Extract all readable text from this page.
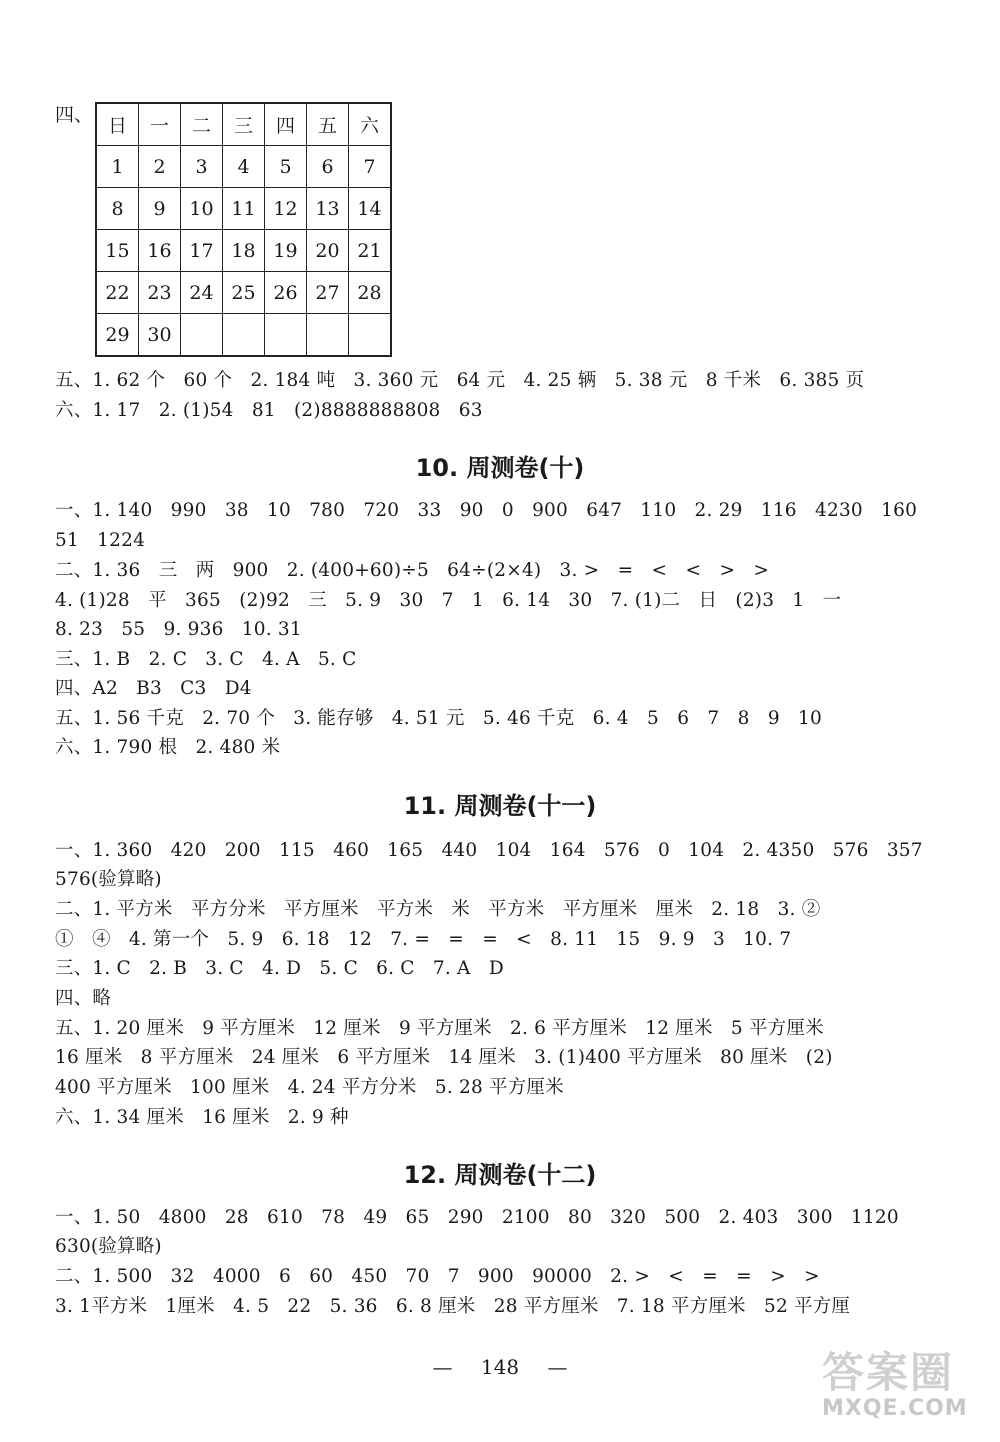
四、 日	一	二	三	四	五	六
1	2	3	4	5	6	7
8	9	10	11	12	13	14
15	16	17	18	19	20	21
22	23	24	25	26	27	28
29	30					
五、1. 62 个   60 个   2. 184 吨   3. 360 元   64 元   4. 25 辆   5. 38 元   8 千米   6. 385 页
六、1. 17   2. (1)54   81   (2)8888888808   63
10. 周测卷(十)
一、1. 140   990   38   10   780   720   33   90   0   900   647   110   2. 29   116   4230   160
51   1224
二、1. 36   三   两   900   2. (400+60)÷5   64÷(2×4)   3. >   =   <   <   >   >
4. (1)28   平   365   (2)92   三   5. 9   30   7   1   6. 14   30   7. (1)二   日   (2)3   1   一
8. 23   55   9. 936   10. 31
三、1. B   2. C   3. C   4. A   5. C
四、A2   B3   C3   D4
五、1. 56 千克   2. 70 个   3. 能存够   4. 51 元   5. 46 千克   6. 4   5   6   7   8   9   10
六、1. 790 根   2. 480 米
11. 周测卷(十一)
一、1. 360   420   200   115   460   165   440   104   164   576   0   104   2. 4350   576   357
576(验算略)
二、1. 平方米   平方分米   平方厘米   平方米   米   平方米   平方厘米   厘米   2. 18   3. ②
①   ④   4. 第一个   5. 9   6. 18   12   7. =   =   =   <   8. 11   15   9. 9   3   10. 7
三、1. C   2. B   3. C   4. D   5. C   6. C   7. A   D
四、略
五、1. 20 厘米   9 平方厘米   12 厘米   9 平方厘米   2. 6 平方厘米   12 厘米   5 平方厘米
16 厘米   8 平方厘米   24 厘米   6 平方厘米   14 厘米   3. (1)400 平方厘米   80 厘米   (2)
400 平方厘米   100 厘米   4. 24 平方分米   5. 28 平方厘米
六、1. 34 厘米   16 厘米   2. 9 种
12. 周测卷(十二)
一、1. 50   4800   28   610   78   49   65   290   2100   80   320   500   2. 403   300   1120
630(验算略)
二、1. 500   32   4000   6   60   450   70   7   900   90000   2. >   <   =   =   >   >
3. 1平方米   1厘米   4. 5   22   5. 36   6. 8 厘米   28 平方厘米   7. 18 平方厘米   52 平方厘
— 148 —	答案圈
MXQE.COM
